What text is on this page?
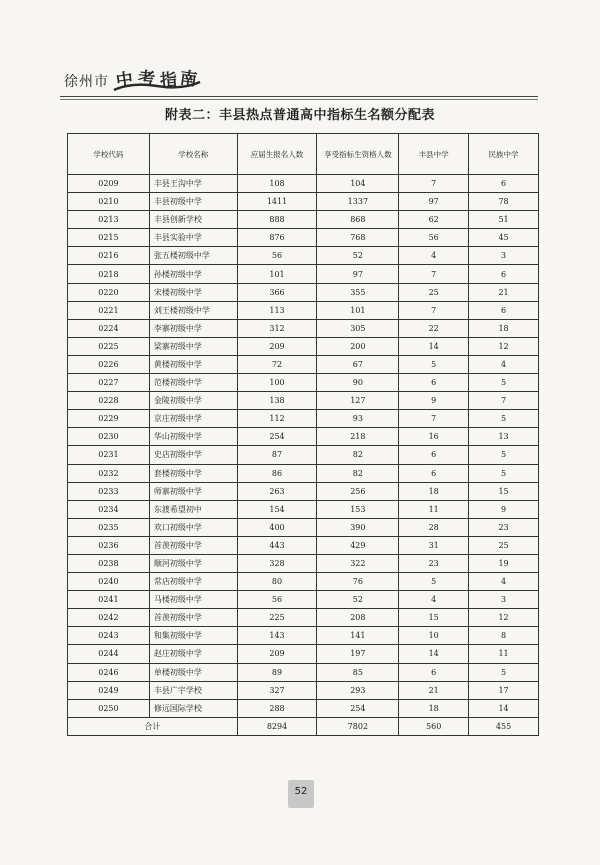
徐州市 中 考 指 南
附表二：丰县热点普通高中指标生名额分配表
学校代码	学校名称	应届生报名人数	享受指标生资格人数	丰县中学	民族中学
0209	丰县王沟中学	108	104	7	6
0210	丰县初级中学	1411	1337	97	78
0213	丰县创新学校	888	868	62	51
0215	丰县实验中学	876	768	56	45
0216	张五楼初级中学	56	52	4	3
0218	孙楼初级中学	101	97	7	6
0220	宋楼初级中学	366	355	25	21
0221	刘王楼初级中学	113	101	7	6
0224	李寨初级中学	312	305	22	18
0225	梁寨初级中学	209	200	14	12
0226	黄楼初级中学	72	67	5	4
0227	范楼初级中学	100	90	6	5
0228	金陵初级中学	138	127	9	7
0229	京庄初级中学	112	93	7	5
0230	华山初级中学	254	218	16	13
0231	史店初级中学	87	82	6	5
0232	套楼初级中学	86	82	6	5
0233	师寨初级中学	263	256	18	15
0234	东渡希望初中	154	153	11	9
0235	欢口初级中学	400	390	28	23
0236	首羡初级中学	443	429	31	25
0238	顺河初级中学	328	322	23	19
0240	常店初级中学	80	76	5	4
0241	马楼初级中学	56	52	4	3
0242	首羡初级中学	225	208	15	12
0243	和集初级中学	143	141	10	8
0244	赵庄初级中学	209	197	14	11
0246	单楼初级中学	89	85	6	5
0249	丰县广宇学校	327	293	21	17
0250	修远国际学校	288	254	18	14
合计		8294	7802	560	455
52
